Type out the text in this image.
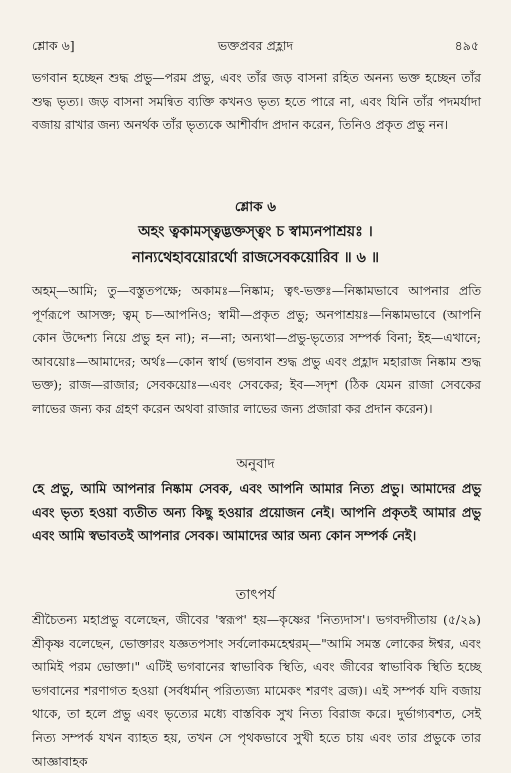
শ্লোক ৬]	ভক্তপ্রবর প্রহ্লাদ	৪৯৫
ভগবান হচ্ছেন শুদ্ধ প্রভু—পরম প্রভু, এবং তাঁর জড় বাসনা রহিত অনন্য ভক্ত হচ্ছেন তাঁর শুদ্ধ ভৃত্য। জড় বাসনা সমন্বিত ব্যক্তি কখনও ভৃত্য হতে পারে না, এবং যিনি তাঁর পদমর্যাদা বজায় রাখার জন্য অনর্থক তাঁর ভৃত্যকে আশীর্বাদ প্রদান করেন, তিনিও প্রকৃত প্রভু নন।
শ্লোক ৬
অহং ত্বকামস্ত্বদ্ভক্তস্ত্বং চ স্বাম্যনপাশ্রয়ঃ ।
নান্যথেহাবয়োরর্থো রাজসেবকয়োরিব ॥ ৬ ॥
অহম্—আমি; তু—বস্তুতপক্ষে; অকামঃ—নিষ্কাম; ত্বৎ-ভক্তঃ—নিষ্কামভাবে আপনার প্রতি পূর্ণরূপে আসক্ত; ত্বম্ চ—আপনিও; স্বামী—প্রকৃত প্রভু; অনপাশ্রয়ঃ—নিষ্কামভাবে (আপনি কোন উদ্দেশ্য নিয়ে প্রভু হন না); ন—না; অন্যথা—প্রভু-ভৃত্যের সম্পর্ক বিনা; ইহ—এখানে; আবয়োঃ—আমাদের; অর্থঃ—কোন স্বার্থ (ভগবান শুদ্ধ প্রভু এবং প্রহ্লাদ মহারাজ নিষ্কাম শুদ্ধ ভক্ত); রাজ—রাজার; সেবকয়োঃ—এবং সেবকের; ইব—সদৃশ (ঠিক যেমন রাজা সেবকের লাভের জন্য কর গ্রহণ করেন অথবা রাজার লাভের জন্য প্রজারা কর প্রদান করেন)।
অনুবাদ
হে প্রভু, আমি আপনার নিষ্কাম সেবক, এবং আপনি আমার নিত্য প্রভু। আমাদের প্রভু এবং ভৃত্য হওয়া ব্যতীত অন্য কিছু হওয়ার প্রয়োজন নেই। আপনি প্রকৃতই আমার প্রভু এবং আমি স্বভাবতই আপনার সেবক। আমাদের আর অন্য কোন সম্পর্ক নেই।
তাৎপর্য
শ্রীচৈতন্য মহাপ্রভু বলেছেন, জীবের 'স্বরূপ' হয়—কৃষ্ণের 'নিত্যদাস'। ভগবদ্গীতায় (৫/২৯) শ্রীকৃষ্ণ বলেছেন, ভোক্তারং যজ্ঞতপসাং সর্বলোকমহেশ্বরম্—"আমি সমস্ত লোকের ঈশ্বর, এবং আমিই পরম ভোক্তা।" এটিই ভগবানের স্বাভাবিক স্থিতি, এবং জীবের স্বাভাবিক স্থিতি হচ্ছে ভগবানের শরণাগত হওয়া (সর্বধর্মান্ পরিত্যজ্য মামেকং শরণং ব্রজ)। এই সম্পর্ক যদি বজায় থাকে, তা হলে প্রভু এবং ভৃত্যের মধ্যে বাস্তবিক সুখ নিত্য বিরাজ করে। দুর্ভাগ্যবশত, সেই নিত্য সম্পর্ক যখন ব্যাহত হয়, তখন সে পৃথকভাবে সুখী হতে চায় এবং তার প্রভুকে তার আজ্ঞাবাহক
